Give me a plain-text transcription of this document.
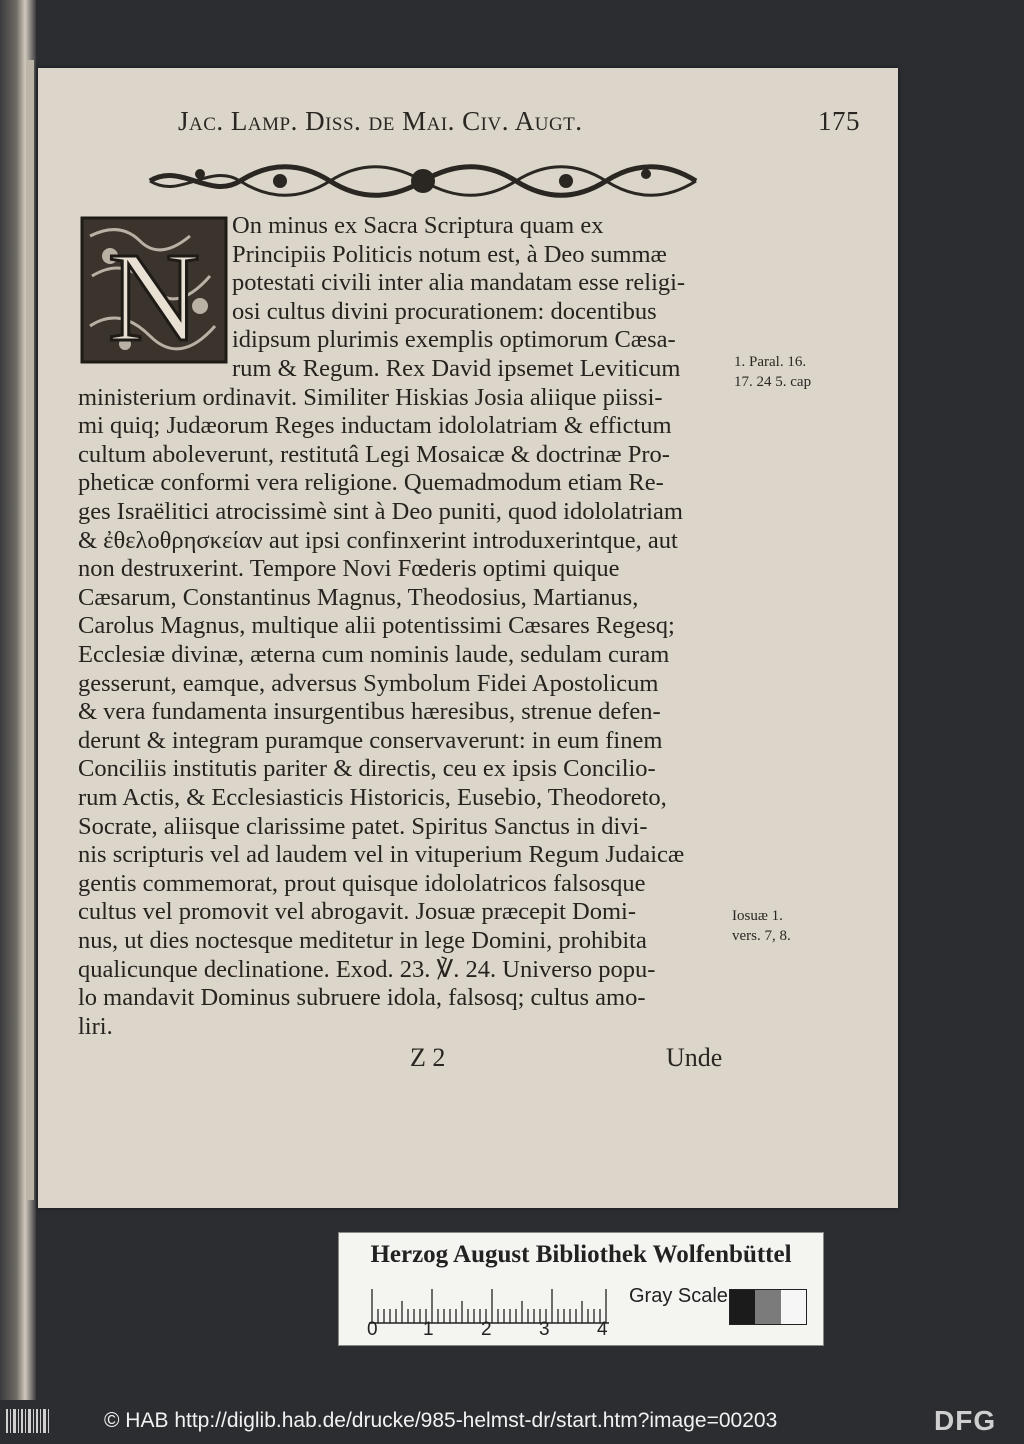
Jac. Lamp. Diss. de Mai. Civ. Augt.	175
N
On minus ex Sacra Scriptura quam ex
Principiis Politicis notum est, à Deo summæ
potestati civili inter alia mandatam esse religi-
osi cultus divini procurationem: docentibus
idipsum plurimis exemplis optimorum Cæsa-
rum & Regum. Rex David ipsemet Leviticum
ministerium ordinavit. Similiter Hiskias Josia aliique piissi-
mi quiq; Judæorum Reges inductam idololatriam & effictum
cultum aboleverunt, restitutâ Legi Mosaicæ & doctrinæ Pro-
pheticæ conformi vera religione. Quemadmodum etiam Re-
ges Israëlitici atrocissimè sint à Deo puniti, quod idololatriam
& ἐθελοθρησκείαν aut ipsi confinxerint introduxerintque, aut
non destruxerint. Tempore Novi Fœderis optimi quique
Cæsarum, Constantinus Magnus, Theodosius, Martianus,
Carolus Magnus, multique alii potentissimi Cæsares Regesq;
Ecclesiæ divinæ, æterna cum nominis laude, sedulam curam
gesserunt, eamque, adversus Symbolum Fidei Apostolicum
& vera fundamenta insurgentibus hæresibus, strenue defen-
derunt & integram puramque conservaverunt: in eum finem
Conciliis institutis pariter & directis, ceu ex ipsis Concilio-
rum Actis, & Ecclesiasticis Historicis, Eusebio, Theodoreto,
Socrate, aliisque clarissime patet. Spiritus Sanctus in divi-
nis scripturis vel ad laudem vel in vituperium Regum Judaicæ
gentis commemorat, prout quisque idololatricos falsosque
cultus vel promovit vel abrogavit. Josuæ præcepit Domi-
nus, ut dies noctesque meditetur in lege Domini, prohibita
qualicunque declinatione. Exod. 23. ℣. 24. Universo popu-
lo mandavit Dominus subruere idola, falsosq; cultus amo-
liri.
1. Paral. 16.
17. 24 5. cap
Iosuæ 1.
vers. 7, 8.
Z 2	Unde
Herzog August Bibliothek Wolfenbüttel
0 1 2 3 4
Gray Scale
© HAB http://diglib.hab.de/drucke/985-helmst-dr/start.htm?image=00203	DFG
